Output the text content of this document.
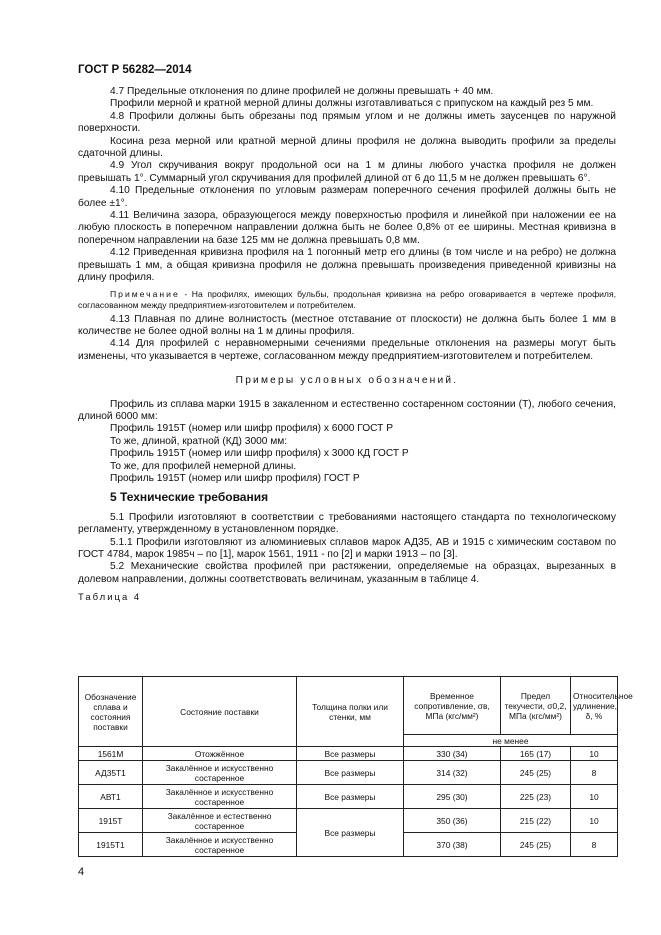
ГОСТ Р 56282—2014

4.7 Предельные отклонения по длине профилей не должны превышать + 40 мм.

Профили мерной и кратной мерной длины должны изготавливаться с припуском на каждый рез 5 мм.

4.8 Профили должны быть обрезаны под прямым углом и не должны иметь заусенцев по наружной поверхности.

Косина реза мерной или кратной мерной длины профиля не должна выводить профили за пределы сдаточной длины.

4.9 Угол скручивания вокруг продольной оси на 1 м длины любого участка профиля не должен превышать 1°. Суммарный угол скручивания для профилей длиной от 6 до 11,5 м не должен превышать 6°.

4.10 Предельные отклонения по угловым размерам поперечного сечения профилей должны быть не более ±1°.

4.11 Величина зазора, образующегося между поверхностью профиля и линейкой при наложении ее на любую плоскость в поперечном направлении должна быть не более 0,8% от ее ширины. Местная кривизна в поперечном направлении на базе 125 мм не должна превышать 0,8 мм.

4.12 Приведенная кривизна профиля на 1 погонный метр его длины (в том числе и на ребро) не должна превышать 1 мм, а общая кривизна профиля не должна превышать произведения приведенной кривизны на длину профиля.

Примечание - На профилях, имеющих бульбы, продольная кривизна на ребро оговаривается в чертеже профиля, согласованном между предприятием-изготовителем и потребителем.

4.13 Плавная по длине волнистость (местное отставание от плоскости) не должна быть более 1 мм в количестве не более одной волны на 1 м длины профиля.

4.14 Для профилей с неравномерными сечениями предельные отклонения на размеры могут быть изменены, что указывается в чертеже, согласованном между предприятием-изготовителем и потребителем.

Примеры условных обозначений.

Профиль из сплава марки 1915 в закаленном и естественно состаренном состоянии (Т), любого сечения, длиной 6000 мм:

Профиль 1915Т (номер или шифр профиля) х 6000 ГОСТ Р

То же, длиной, кратной (КД) 3000 мм:

Профиль 1915Т (номер или шифр профиля) х 3000 КД ГОСТ Р

То же, для профилей немерной длины.

Профиль 1915Т (номер или шифр профиля) ГОСТ Р

5 Технические требования

5.1 Профили изготовляют в соответствии с требованиями настоящего стандарта по технологическому регламенту, утвержденному в установленном порядке.

5.1.1 Профили изготовляют из алюминиевых сплавов марок АД35, АВ и 1915 с химическим составом по ГОСТ 4784, марок 1985ч – по [1], марок 1561, 1911 - по [2] и марки 1913 – по [3].

5.2 Механические свойства профилей при растяжении, определяемые на образцах, вырезанных в долевом направлении, должны соответствовать величинам, указанным в таблице 4.

Таблица 4

Обозначение сплава и состояния поставки	Состояние поставки	Толщина полки или стенки, мм	Временное сопротивление, σв, МПа (кгс/мм²)	Предел текучести, σ0,2, МПа (кгс/мм²)	Относительное удлинение, δ, %
			не менее		
1561М	Отожжённое	Все размеры	330 (34)	165 (17)	10
АД35Т1	Закалённое и искусственно состаренное	Все размеры	314 (32)	245 (25)	8
АВТ1	Закалённое и искусственно состаренное	Все размеры	295 (30)	225 (23)	10
1915Т	Закалённое и естественно состаренное	Все размеры	350 (36)	215 (22)	10
1915Т1	Закалённое и искусственно состаренное		370 (38)	245 (25)	8
4
